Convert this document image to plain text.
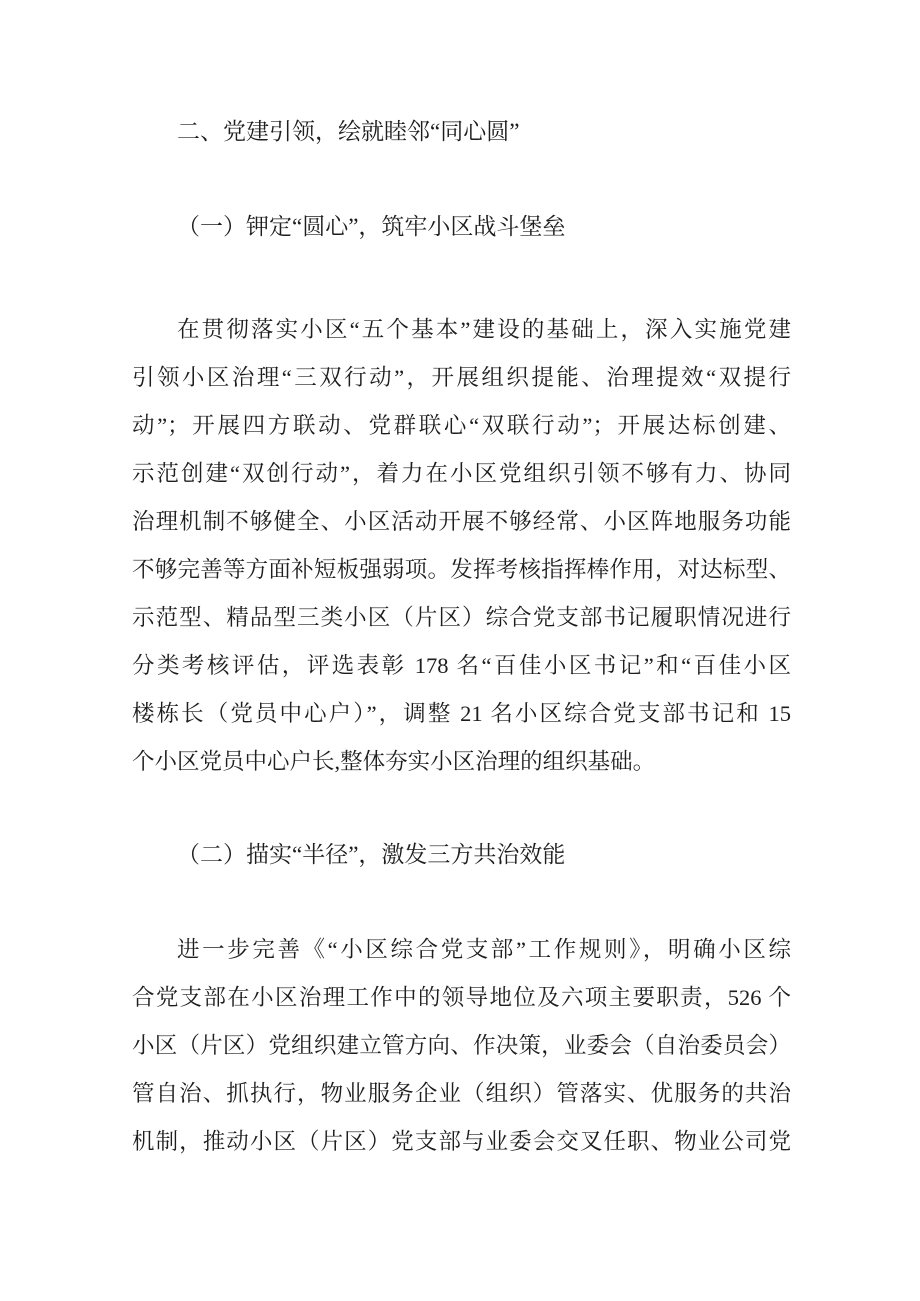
二、党建引领，绘就睦邻“同心圆”
（一）钾定“圆心”，筑牢小区战斗堡垒
在贯彻落实小区“五个基本”建设的基础上，深入实施党建
引领小区治理“三双行动”，开展组织提能、治理提效“双提行
动”；开展四方联动、党群联心“双联行动”；开展达标创建、
示范创建“双创行动”，着力在小区党组织引领不够有力、协同
治理机制不够健全、小区活动开展不够经常、小区阵地服务功能
不够完善等方面补短板强弱项。发挥考核指挥棒作用，对达标型、
示范型、精品型三类小区（片区）综合党支部书记履职情况进行
分类考核评估，评选表彰 178 名“百佳小区书记”和“百佳小区
楼栋长（党员中心户）”，调整 21 名小区综合党支部书记和 15
个小区党员中心户长,整体夯实小区治理的组织基础。
（二）描实“半径”，激发三方共治效能
进一步完善《“小区综合党支部”工作规则》，明确小区综
合党支部在小区治理工作中的领导地位及六项主要职责，526 个
小区（片区）党组织建立管方向、作决策，业委会（自治委员会）
管自治、抓执行，物业服务企业（组织）管落实、优服务的共治
机制，推动小区（片区）党支部与业委会交叉任职、物业公司党
